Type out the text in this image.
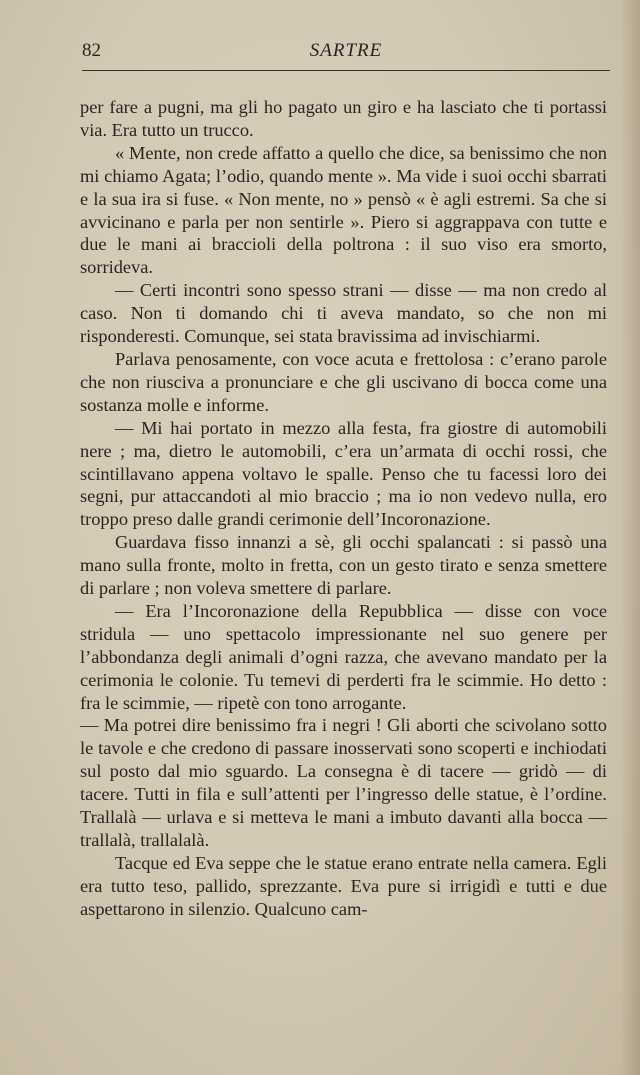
82	SARTRE

per fare a pugni, ma gli ho pagato un giro e ha lasciato che ti portassi via. Era tutto un trucco.

« Mente, non crede affatto a quello che dice, sa benissimo che non mi chiamo Agata; l’odio, quando mente ». Ma vide i suoi occhi sbarrati e la sua ira si fuse. « Non mente, no » pensò « è agli estremi. Sa che si avvicinano e parla per non sentirle ». Piero si aggrappava con tutte e due le mani ai braccioli della poltrona : il suo viso era smorto, sorrideva.

— Certi incontri sono spesso strani — disse — ma non credo al caso. Non ti domando chi ti aveva mandato, so che non mi risponderesti. Comunque, sei stata bravissima ad invischiarmi.

Parlava penosamente, con voce acuta e frettolosa : c’erano parole che non riusciva a pronunciare e che gli uscivano di bocca come una sostanza molle e informe.

— Mi hai portato in mezzo alla festa, fra giostre di automobili nere ; ma, dietro le automobili, c’era un’armata di occhi rossi, che scintillavano appena voltavo le spalle. Penso che tu facessi loro dei segni, pur attaccandoti al mio braccio ; ma io non vedevo nulla, ero troppo preso dalle grandi cerimonie dell’Incoronazione.

Guardava fisso innanzi a sè, gli occhi spalancati : si passò una mano sulla fronte, molto in fretta, con un gesto tirato e senza smettere di parlare ; non voleva smettere di parlare.

— Era l’Incoronazione della Repubblica — disse con voce stridula — uno spettacolo impressionante nel suo genere per l’abbondanza degli animali d’ogni razza, che avevano mandato per la cerimonia le colonie. Tu temevi di perderti fra le scimmie. Ho detto : fra le scimmie, — ripetè con tono arrogante.

— Ma potrei dire benissimo fra i negri ! Gli aborti che scivolano sotto le tavole e che credono di passare inosservati sono scoperti e inchiodati sul posto dal mio sguardo. La consegna è di tacere — gridò — di tacere. Tutti in fila e sull’attenti per l’ingresso delle statue, è l’ordine. Trallalà — urlava e si metteva le mani a imbuto davanti alla bocca — trallalà, trallalalà.

Tacque ed Eva seppe che le statue erano entrate nella camera. Egli era tutto teso, pallido, sprezzante. Eva pure si irrigidì e tutti e due aspettarono in silenzio. Qualcuno cam-
